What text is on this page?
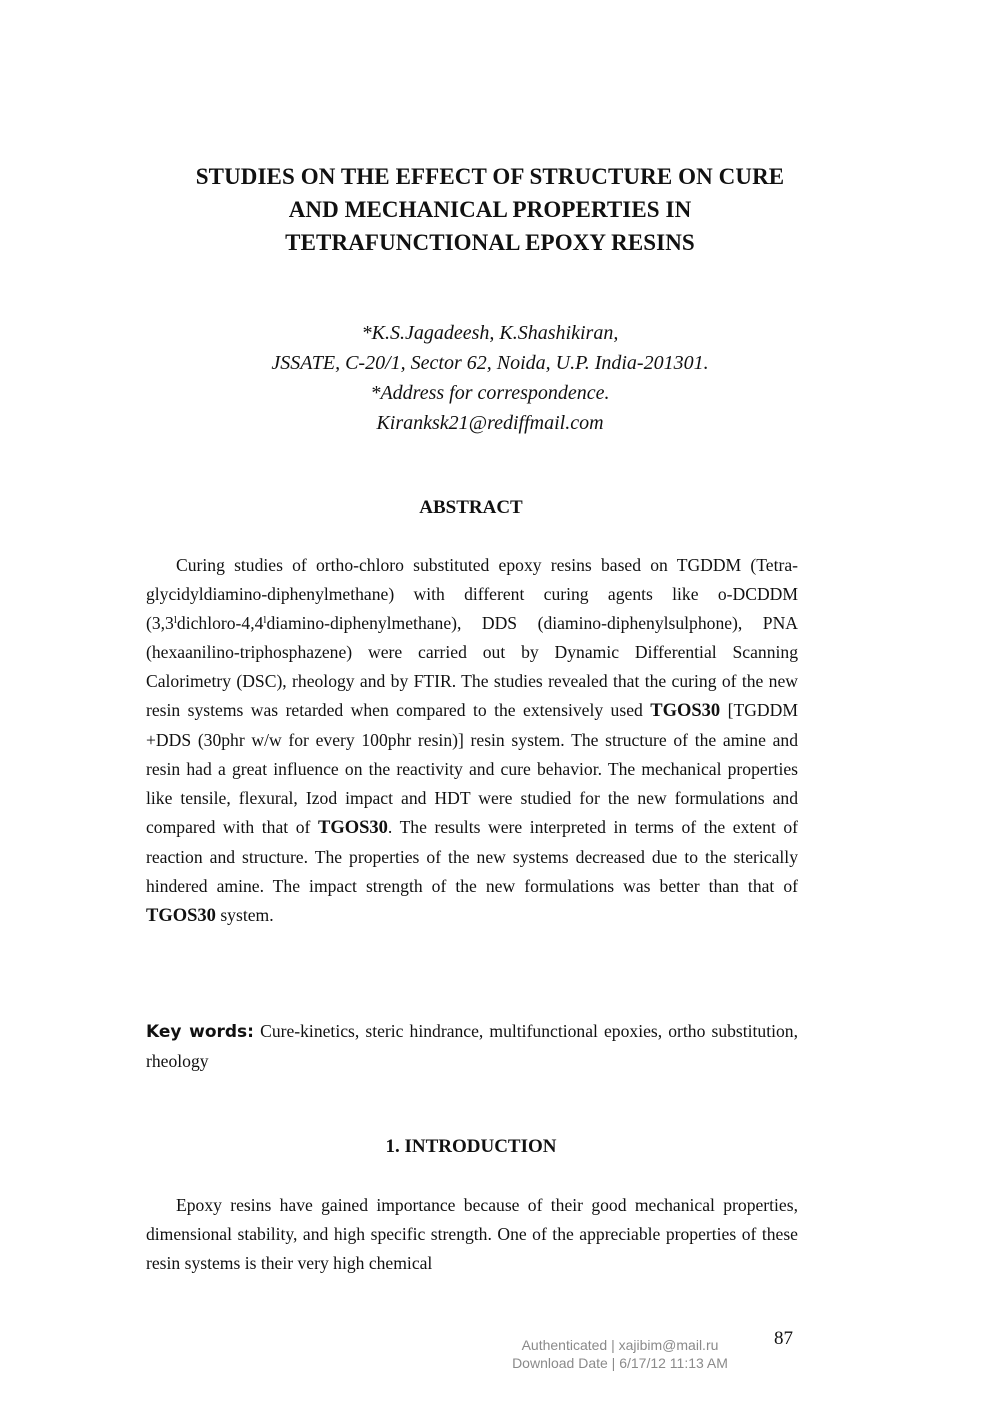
STUDIES ON THE EFFECT OF STRUCTURE ON CURE
AND MECHANICAL PROPERTIES IN
TETRAFUNCTIONAL EPOXY RESINS
*K.S.Jagadeesh, K.Shashikiran,
JSSATE, C-20/1, Sector 62, Noida, U.P. India-201301.
*Address for correspondence.
Kiranksk21@rediffmail.com
ABSTRACT
Curing studies of ortho-chloro substituted epoxy resins based on TGDDM (Tetra-glycidyldiamino-diphenylmethane) with different curing agents like o-DCDDM (3,3$^l$dichloro-4,4$^l$diamino-diphenylmethane), DDS (diamino-diphenylsulphone), PNA (hexaanilino-triphosphazene) were carried out by Dynamic Differential Scanning Calorimetry (DSC), rheology and by FTIR. The studies revealed that the curing of the new resin systems was retarded when compared to the extensively used TGOS30 [TGDDM +DDS (30phr w/w for every 100phr resin)] resin system. The structure of the amine and resin had a great influence on the reactivity and cure behavior. The mechanical properties like tensile, flexural, Izod impact and HDT were studied for the new formulations and compared with that of TGOS30. The results were interpreted in terms of the extent of reaction and structure. The properties of the new systems decreased due to the sterically hindered amine. The impact strength of the new formulations was better than that of TGOS30 system.
Key words: Cure-kinetics, steric hindrance, multifunctional epoxies, ortho substitution, rheology
1. INTRODUCTION
Epoxy resins have gained importance because of their good mechanical properties, dimensional stability, and high specific strength. One of the appreciable properties of these resin systems is their very high chemical
87
Authenticated | xajibim@mail.ru
Download Date | 6/17/12 11:13 AM
